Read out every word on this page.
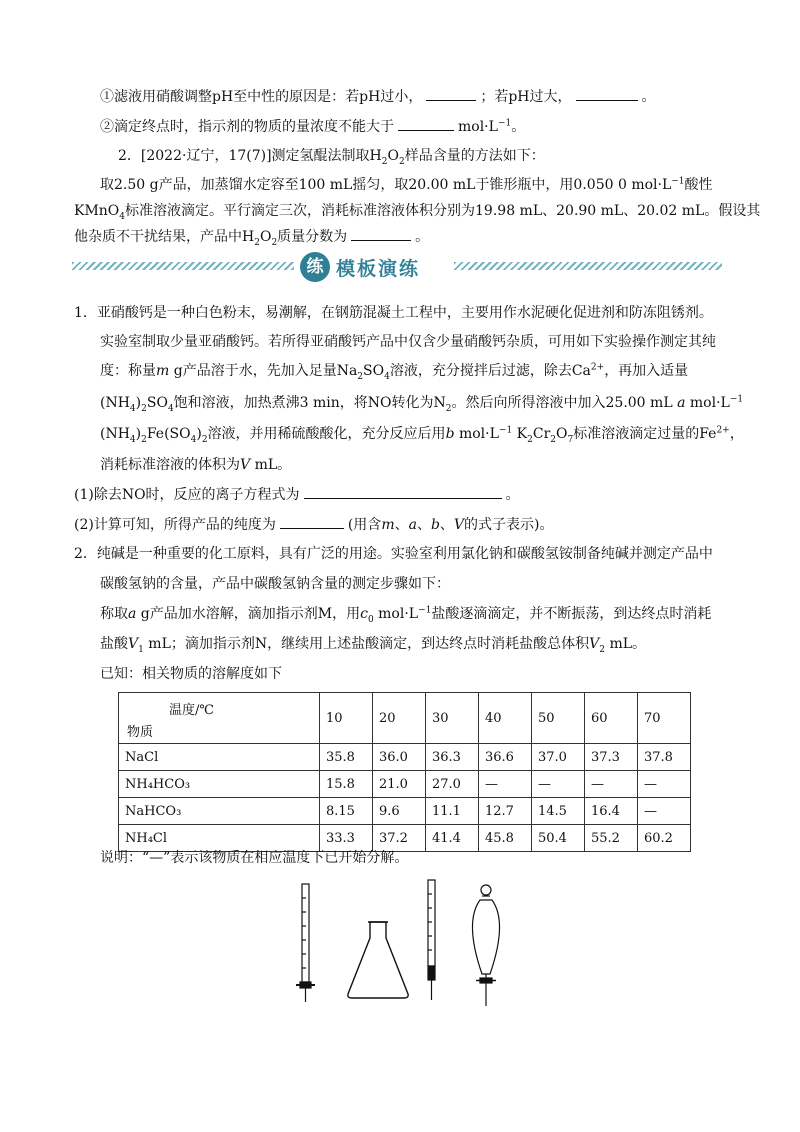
①滤液用硝酸调整pH至中性的原因是：若pH过小，	；若pH过大，	。
②滴定终点时，指示剂的物质的量浓度不能大于	$mol\cdot L^{-1}$。
2．[2022·辽宁，17(7)]测定氢醌法制取$H_2O_2$样品含量的方法如下：
取2.50 g产品，加蒸馏水定容至100 mL摇匀，取20.00 mL于锥形瓶中，用0.050 0 $mol\cdot L^{-1}$酸性
KMnO$_4$标准溶液滴定。平行滴定三次，消耗标准溶液体积分别为19.98 mL、20.90 mL、20.02 mL。假设其
他杂质不干扰结果，产品中$H_2O_2$质量分数为	。
练 模板演练
1．亚硝酸钙是一种白色粉末，易潮解，在钢筋混凝土工程中，主要用作水泥硬化促进剂和防冻阻锈剂。
实验室制取少量亚硝酸钙。若所得亚硝酸钙产品中仅含少量硝酸钙杂质，可用如下实验操作测定其纯
度：称量m g产品溶于水，先加入足量$Na_2SO_4$溶液，充分搅拌后过滤，除去$Ca^{2+}$，再加入适量
$(NH_4)_2SO_4$饱和溶液，加热煮沸3 min，将NO转化为$N_2$。然后向所得溶液中加入25.00 mL a $mol\cdot L^{-1}$
$(NH_4)_2Fe(SO_4)_2$溶液，并用稀硫酸酸化，充分反应后用b $mol\cdot L^{-1}$ $K_2Cr_2O_7$标准溶液滴定过量的$Fe^{2+}$，
消耗标准溶液的体积为V mL。
(1)除去NO时，反应的离子方程式为	。
(2)计算可知，所得产品的纯度为	(用含m、a、b、V的式子表示)。
2．纯碱是一种重要的化工原料，具有广泛的用途。实验室利用氯化钠和碳酸氢铵制备纯碱并测定产品中
碳酸氢钠的含量，产品中碳酸氢钠含量的测定步骤如下：
称取a g产品加水溶解，滴加指示剂M，用$c_0$ $mol\cdot L^{-1}$盐酸逐滴滴定，并不断振荡，到达终点时消耗
盐酸$V_1$ mL；滴加指示剂N，继续用上述盐酸滴定，到达终点时消耗盐酸总体积$V_2$ mL。
已知：相关物质的溶解度如下
温度/℃
物质	10	20	30	40	50	60	70
NaCl	35.8	36.0	36.3	36.6	37.0	37.3	37.8
NH₄HCO₃	15.8	21.0	27.0	—	—	—	—
NaHCO₃	8.15	9.6	11.1	12.7	14.5	16.4	—
NH₄Cl	33.3	37.2	41.4	45.8	50.4	55.2	60.2
说明：“—”表示该物质在相应温度下已开始分解。
